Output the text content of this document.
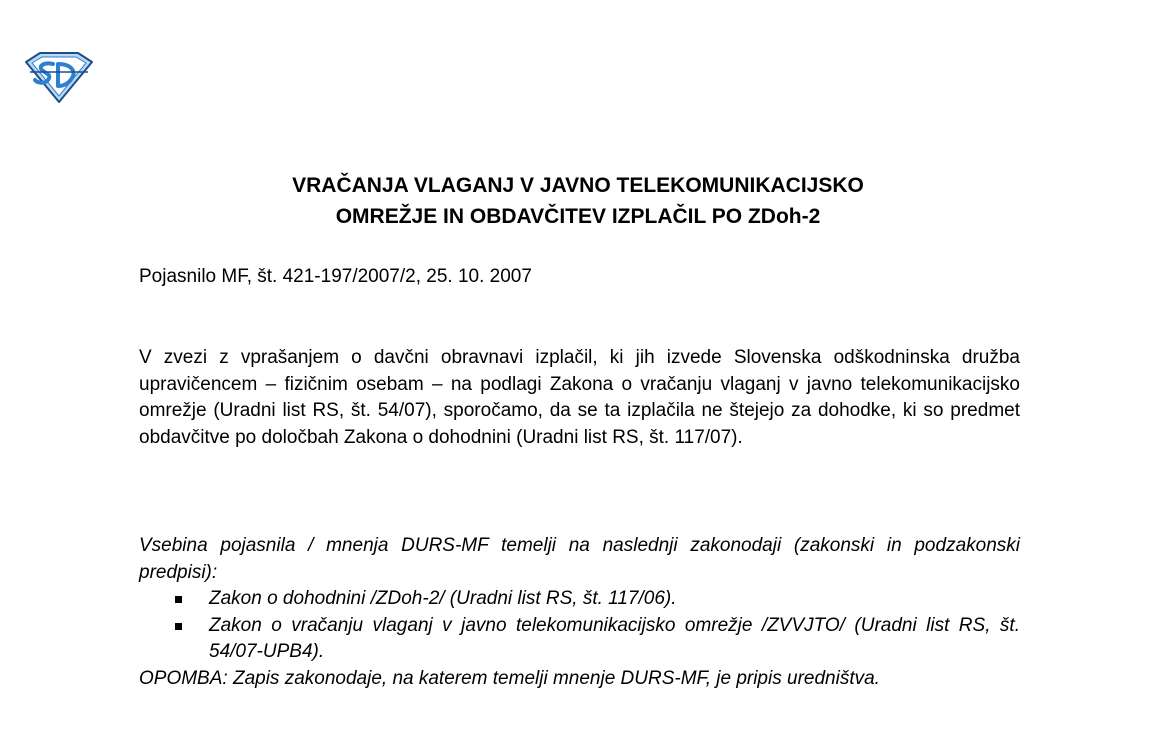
VRAČANJA VLAGANJ V JAVNO TELEKOMUNIKACIJSKO
OMREŽJE IN OBDAVČITEV IZPLAČIL PO ZDoh-2

Pojasnilo MF, št. 421-197/2007/2, 25. 10. 2007

V zvezi z vprašanjem o davčni obravnavi izplačil, ki jih izvede Slovenska odškodninska družba upravičencem – fizičnim osebam – na podlagi Zakona o vračanju vlaganj v javno telekomunikacijsko omrežje (Uradni list RS, št. 54/07), sporočamo, da se ta izplačila ne štejejo za dohodke, ki so predmet obdavčitve po določbah Zakona o dohodnini (Uradni list RS, št. 117/07).

Vsebina pojasnila / mnenja DURS-MF temelji na naslednji zakonodaji (zakonski in podzakonski predpisi):

Zakon o dohodnini /ZDoh-2/ (Uradni list RS, št. 117/06).
Zakon o vračanju vlaganj v javno telekomunikacijsko omrežje /ZVVJTO/ (Uradni list RS, št. 54/07-UPB4).

OPOMBA: Zapis zakonodaje, na katerem temelji mnenje DURS-MF, je pripis uredništva.
